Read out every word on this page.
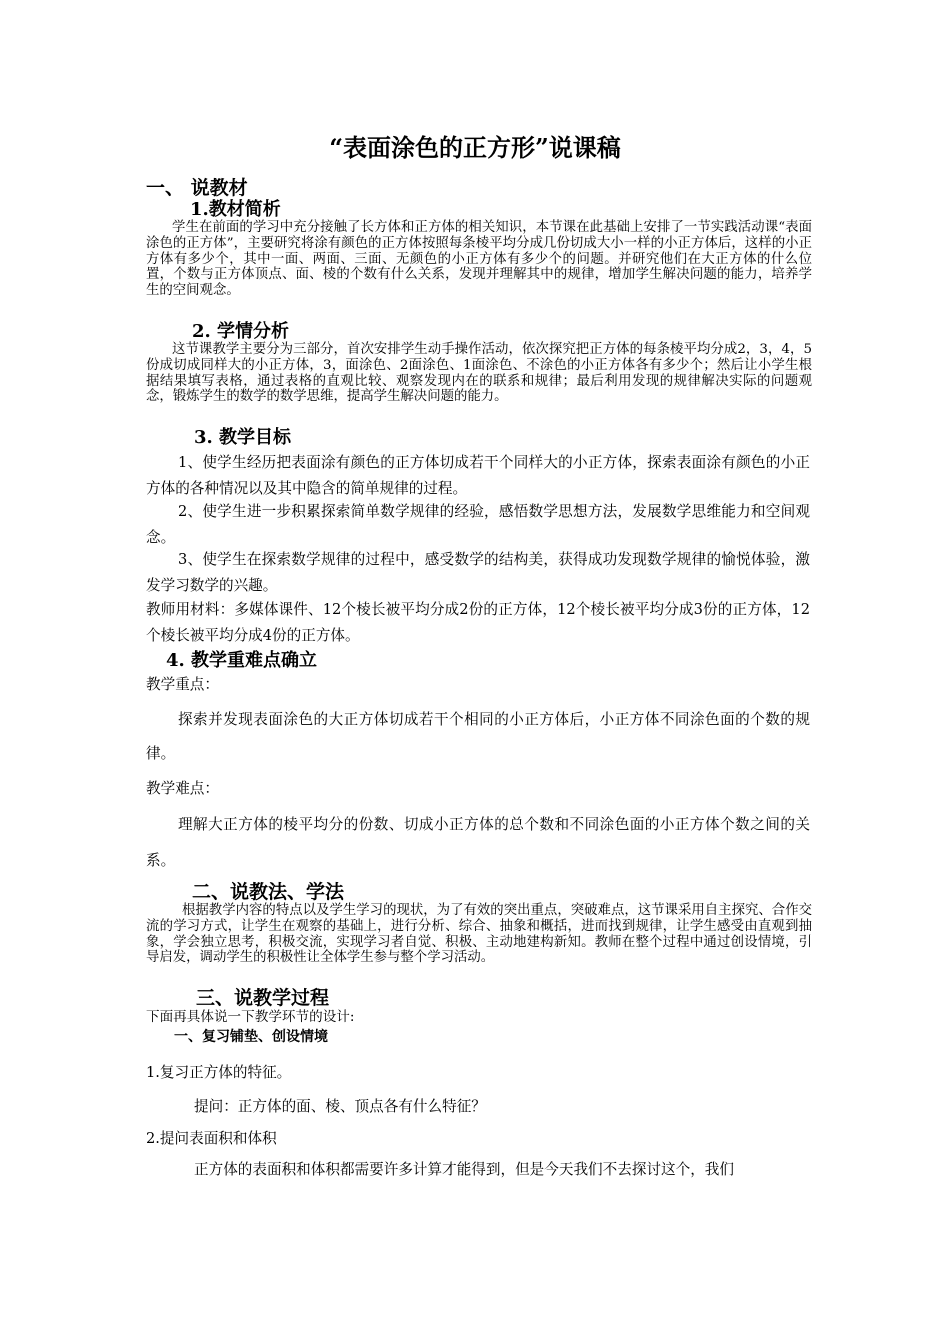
“表面涂色的正方形”说课稿
一、 说教材
1.教材简析

学生在前面的学习中充分接触了长方体和正方体的相关知识，本节课在此基础上安排了一节实践活动课“表面涂色的正方体”，主要研究将涂有颜色的正方体按照每条棱平均分成几份切成大小一样的小正方体后，这样的小正方体有多少个，其中一面、两面、三面、无颜色的小正方体有多少个的问题。并研究他们在大正方体的什么位置，个数与正方体顶点、面、棱的个数有什么关系，发现并理解其中的规律，增加学生解决问题的能力，培养学生的空间观念。

2. 学情分析

这节课教学主要分为三部分，首次安排学生动手操作活动，依次探究把正方体的每条棱平均分成2，3，4，5份成切成同样大的小正方体，3，面涂色、2面涂色、1面涂色、不涂色的小正方体各有多少个；然后让小学生根据结果填写表格，通过表格的直观比较、观察发现内在的联系和规律；最后利用发现的规律解决实际的问题观念，锻炼学生的数学的数学思维，提高学生解决问题的能力。

3. 教学目标

1、使学生经历把表面涂有颜色的正方体切成若干个同样大的小正方体，探索表面涂有颜色的小正方体的各种情况以及其中隐含的简单规律的过程。

2、使学生进一步积累探索简单数学规律的经验，感悟数学思想方法，发展数学思维能力和空间观念。

3、使学生在探索数学规律的过程中，感受数学的结构美，获得成功发现数学规律的愉悦体验，激发学习数学的兴趣。

教师用材料：多媒体课件、12个棱长被平均分成2份的正方体，12个棱长被平均分成3份的正方体，12个棱长被平均分成4份的正方体。

4. 教学重难点确立
教学重点：

探索并发现表面涂色的大正方体切成若干个相同的小正方体后，小正方体不同涂色面的个数的规律。

教学难点：

理解大正方体的棱平均分的份数、切成小正方体的总个数和不同涂色面的小正方体个数之间的关系。

二、说教法、学法

根据教学内容的特点以及学生学习的现状，为了有效的突出重点，突破难点，这节课采用自主探究、合作交流的学习方式，让学生在观察的基础上，进行分析、综合、抽象和概括，进而找到规律，让学生感受由直观到抽象，学会独立思考，积极交流，实现学习者自觉、积极、主动地建构新知。教师在整个过程中通过创设情境，引导启发，调动学生的积极性让全体学生参与整个学习活动。

三、说教学过程
下面再具体说一下教学环节的设计:
一、复习铺垫、创设情境
1.复习正方体的特征。
提问：正方体的面、棱、顶点各有什么特征？
2.提问表面积和体积
正方体的表面积和体积都需要许多计算才能得到，但是今天我们不去探讨这个，我们
